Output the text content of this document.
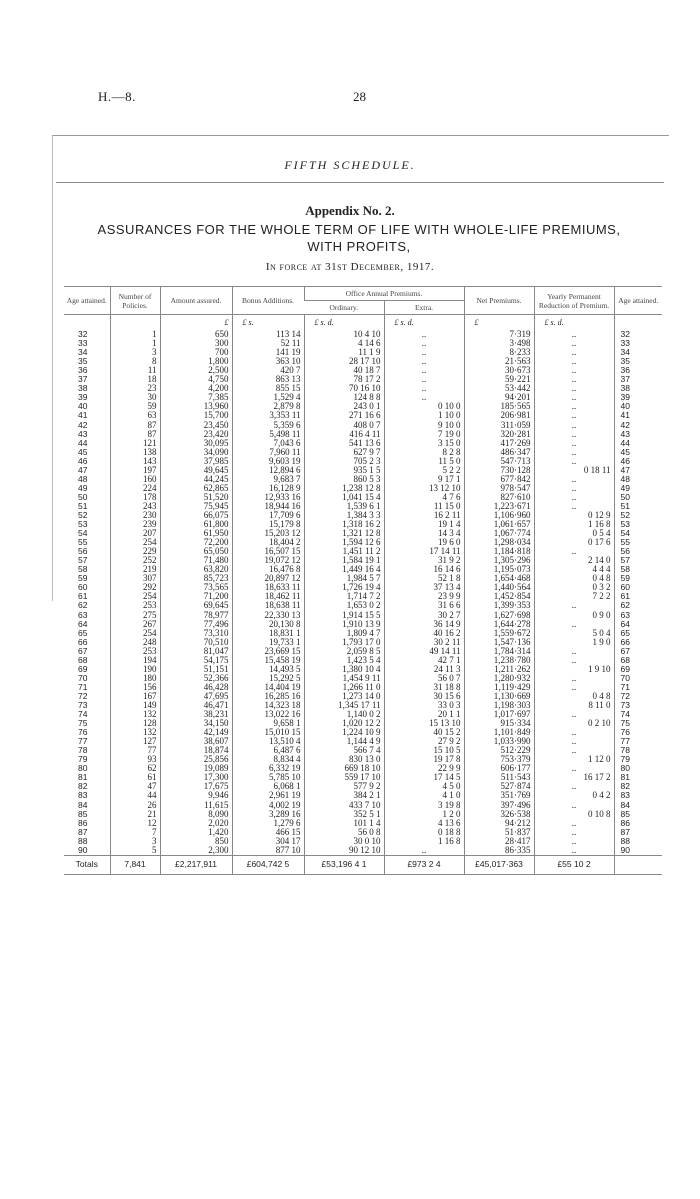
H.—8.	28
FIFTH SCHEDULE.
Appendix No. 2.
ASSURANCES FOR THE WHOLE TERM OF LIFE WITH WHOLE-LIFE PREMIUMS,
WITH PROFITS,
In force at 31st December, 1917.
Age attained.	Number of Policies.	Amount assured.	Bonus Additions.	Office Annual Premiums.		Net Premiums.	Yearly Permanent Reduction of Premium.	Age attained.
				Ordinary.	Extra.			
		£	£ s.	£ s. d.	£ s. d.	£	£ s. d.	
32	1	650	113 14	10 4 10	..	7·319	..	32
33	1	300	52 11	4 14 6	..	3·498	..	33
34	3	700	141 19	11 1 9	..	8·233	..	34
35	8	1,800	363 10	28 17 10	..	21·563	..	35
36	11	2,500	420 7	40 18 7	..	30·673	..	36
37	18	4,750	863 13	78 17 2	..	59·221	..	37
38	23	4,200	855 15	70 16 10	..	53·442	..	38
39	30	7,385	1,529 4	124 8 8	..	94·201	..	39
40	59	13,960	2,879 8	243 0 1	0 10 0	185·565	..	40
41	63	15,700	3,353 11	271 16 6	1 10 0	206·981	..	41
42	87	23,450	5,359 6	408 0 7	9 10 0	311·059	..	42
43	87	23,420	5,498 11	416 4 11	7 19 0	320·281	..	43
44	121	30,095	7,043 6	541 13 6	3 15 0	417·269	..	44
45	138	34,090	7,960 11	627 9 7	8 2 8	486·347	..	45
46	143	37,985	9,603 19	705 2 3	11 5 0	547·713	..	46
47	197	49,645	12,894 6	935 1 5	5 2 2	730·128	0 18 11	47
48	160	44,245	9,683 7	860 5 3	9 17 1	677·842	..	48
49	224	62,865	16,128 9	1,238 12 8	13 12 10	978·547	..	49
50	178	51,520	12,933 16	1,041 15 4	4 7 6	827·610	..	50
51	243	75,945	18,944 16	1,539 6 1	11 15 0	1,223·671	..	51
52	230	66,075	17,709 6	1,384 3 3	16 2 11	1,106·960	0 12 9	52
53	239	61,800	15,179 8	1,318 16 2	19 1 4	1,061·657	1 16 8	53
54	207	61,950	15,203 12	1,321 12 8	14 3 4	1,067·774	0 5 4	54
55	254	72,200	18,404 2	1,594 12 6	19 6 0	1,298·034	0 17 6	55
56	229	65,050	16,507 15	1,451 11 2	17 14 11	1,184·818	..	56
57	252	71,480	19,072 12	1,584 19 1	31 9 2	1,305·296	2 14 0	57
58	219	63,820	16,476 8	1,449 16 4	16 14 6	1,195·073	4 4 4	58
59	307	85,723	20,897 12	1,984 5 7	52 1 8	1,654·468	0 4 8	59
60	292	73,565	18,633 11	1,726 19 4	37 13 4	1,440·564	0 3 2	60
61	254	71,200	18,462 11	1,714 7 2	23 9 9	1,452·854	7 2 2	61
62	253	69,645	18,638 11	1,653 0 2	31 6 6	1,399·353	..	62
63	275	78,977	22,330 13	1,914 15 5	30 2 7	1,627·698	0 9 0	63
64	267	77,496	20,130 8	1,910 13 9	36 14 9	1,644·278	..	64
65	254	73,310	18,831 1	1,809 4 7	40 16 2	1,559·672	5 0 4	65
66	248	70,510	19,733 1	1,793 17 0	30 2 11	1,547·136	1 9 0	66
67	253	81,047	23,669 15	2,059 8 5	49 14 11	1,784·314	..	67
68	194	54,175	15,458 19	1,423 5 4	42 7 1	1,238·780	..	68
69	190	51,151	14,493 5	1,380 10 4	24 11 3	1,211·262	1 9 10	69
70	180	52,366	15,292 5	1,454 9 11	56 0 7	1,280·932	..	70
71	156	46,428	14,404 19	1,266 11 0	31 18 8	1,119·429	..	71
72	167	47,695	16,285 16	1,273 14 0	30 15 6	1,130·669	0 4 8	72
73	149	46,471	14,323 18	1,345 17 11	33 0 3	1,198·303	8 11 0	73
74	132	38,231	13,022 16	1,140 0 2	20 1 1	1,017·697	..	74
75	128	34,150	9,658 1	1,020 12 2	15 13 10	915·334	0 2 10	75
76	132	42,149	15,010 15	1,224 10 9	40 15 2	1,101·849	..	76
77	127	38,607	13,510 4	1,144 4 9	27 9 2	1,033·990	..	77
78	77	18,874	6,487 6	566 7 4	15 10 5	512·229	..	78
79	93	25,856	8,834 4	830 13 0	19 17 8	753·379	1 12 0	79
80	62	19,089	6,332 19	669 18 10	22 9 9	606·177	..	80
81	61	17,300	5,785 10	559 17 10	17 14 5	511·543	16 17 2	81
82	47	17,675	6,068 1	577 9 2	4 5 0	527·874	..	82
83	44	9,946	2,961 19	384 2 1	4 1 0	351·769	0 4 2	83
84	26	11,615	4,002 19	433 7 10	3 19 8	397·496	..	84
85	21	8,090	3,289 16	352 5 1	1 2 0	326·538	0 10 8	85
86	12	2,020	1,279 6	101 1 4	4 13 6	94·212	..	86
87	7	1,420	466 15	56 0 8	0 18 8	51·837	..	87
88	3	850	304 17	30 0 10	1 16 8	28·417	..	88
90	5	2,300	877 10	90 12 10	..	86·335	..	90
Totals	7,841	£2,217,911	£604,742 5	£53,196 4 1	£973 2 4	£45,017·363	£55 10 2	
